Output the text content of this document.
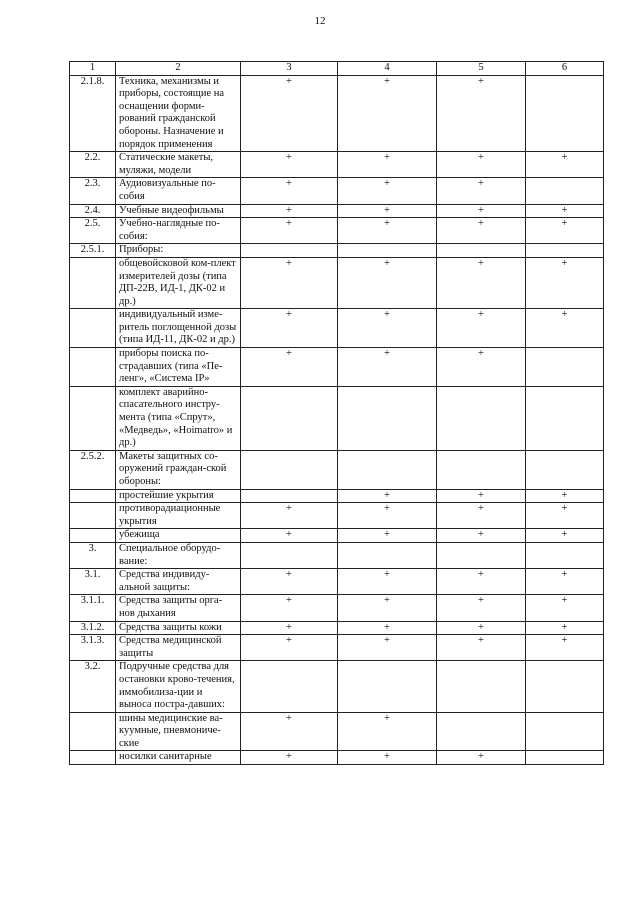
12
1	2	3	4	5	6
2.1.8.	Техника, механизмы и приборы, состоящие на оснащении форми-рований гражданской обороны. Назначение и порядок применения	+	+	+	
2.2.	Статические макеты, муляжи, модели	+	+	+	+
2.3.	Аудиовизуальные по-собия	+	+	+	
2.4.	Учебные видеофильмы	+	+	+	+
2.5.	Учебно-наглядные по-собия:	+	+	+	+
2.5.1.	Приборы:				
	общевойсковой ком-плект измерителей дозы (типа ДП-22В, ИД-1, ДК-02 и др.)	+	+	+	+
	индивидуальный изме-ритель поглощенной дозы (типа ИД-11, ДК-02 и др.)	+	+	+	+
	приборы поиска по-страдавших (типа «Пе-ленг», «Система IP»	+	+	+	
	комплект аварийно-спасательного инстру-мента (типа «Спрут», «Медведь», «Hoimatro» и др.)				
2.5.2.	Макеты защитных со-оружений граждан-ской обороны:				
	простейшие укрытия		+	+	+
	противорадиационные укрытия	+	+	+	+
	убежища	+	+	+	+
3.	Специальное оборудо-вание:				
3.1.	Средства индивиду-альной защиты:	+	+	+	+
3.1.1.	Средства защиты орга-нов дыхания	+	+	+	+
3.1.2.	Средства защиты кожи	+	+	+	+
3.1.3.	Средства медицинской защиты	+	+	+	+
3.2.	Подручные средства для остановки крово-течения, иммобилиза-ции и выноса постра-давших:				
	шины медицинские ва-куумные, пневмониче-ские	+	+		
	носилки санитарные	+	+	+	
